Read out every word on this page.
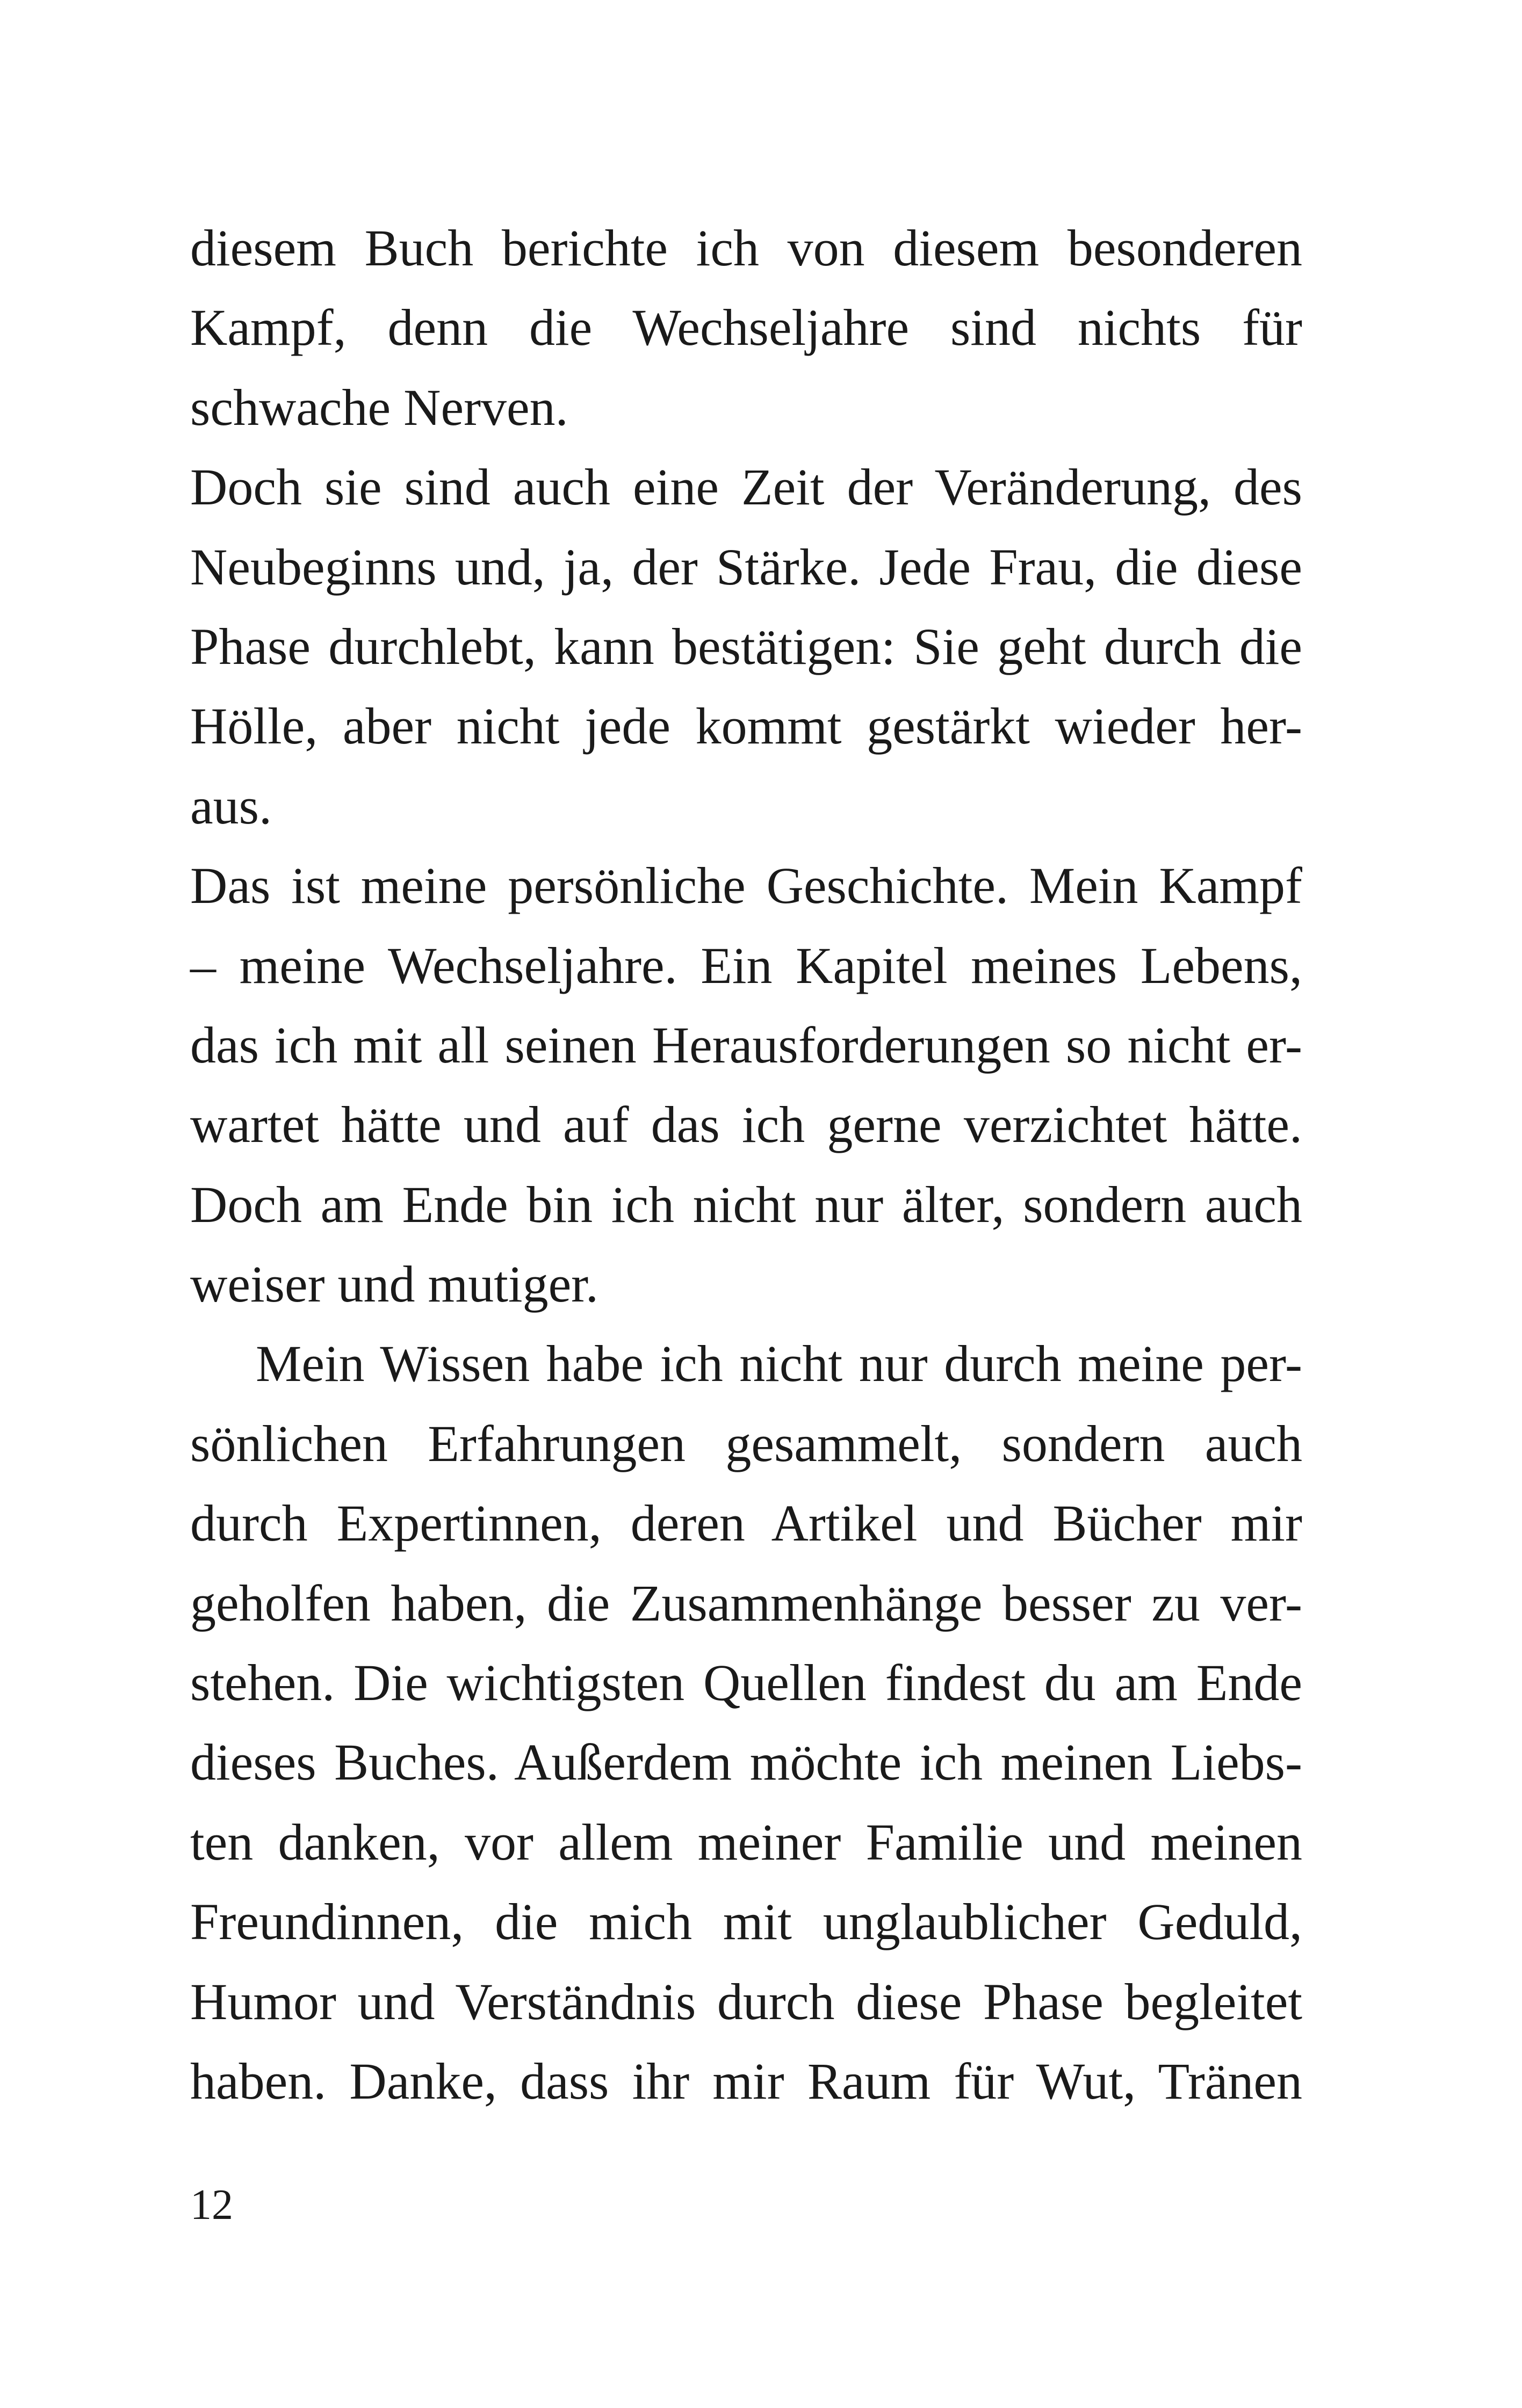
diesem Buch berichte ich von diesem besonderen
Kampf, denn die Wechseljahre sind nichts für
schwache Nerven.
Doch sie sind auch eine Zeit der Veränderung, des
Neubeginns und, ja, der Stärke. Jede Frau, die diese
Phase durchlebt, kann bestätigen: Sie geht durch die
Hölle, aber nicht jede kommt gestärkt wieder her-
aus.
Das ist meine persönliche Geschichte. Mein Kampf
– meine Wechseljahre. Ein Kapitel meines Lebens,
das ich mit all seinen Herausforderungen so nicht er-
wartet hätte und auf das ich gerne verzichtet hätte.
Doch am Ende bin ich nicht nur älter, sondern auch
weiser und mutiger.
Mein Wissen habe ich nicht nur durch meine per-
sönlichen Erfahrungen gesammelt, sondern auch
durch Expertinnen, deren Artikel und Bücher mir
geholfen haben, die Zusammenhänge besser zu ver-
stehen. Die wichtigsten Quellen findest du am Ende
dieses Buches. Außerdem möchte ich meinen Liebs-
ten danken, vor allem meiner Familie und meinen
Freundinnen, die mich mit unglaublicher Geduld,
Humor und Verständnis durch diese Phase begleitet
haben. Danke, dass ihr mir Raum für Wut, Tränen
12
